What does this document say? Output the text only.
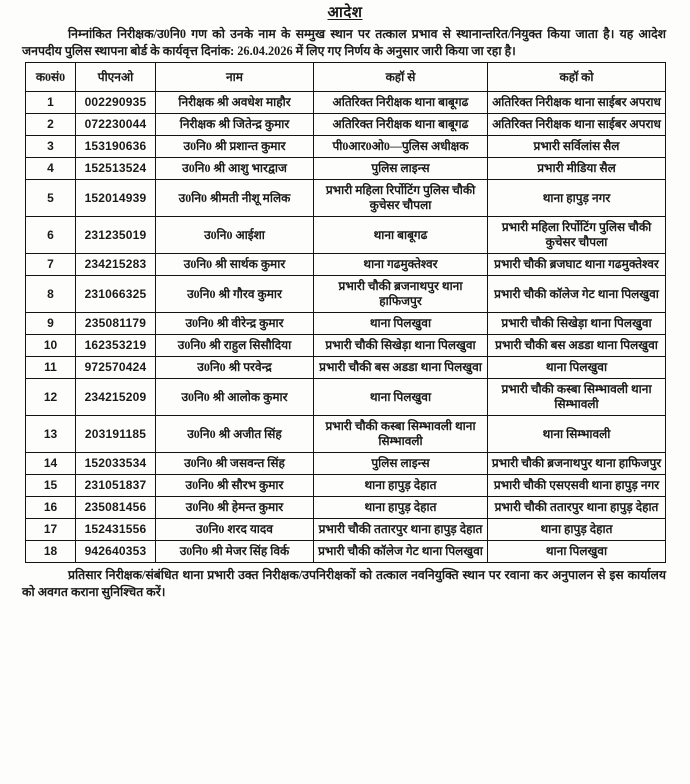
आदेश
निम्नांकित निरीक्षक/उ0नि0 गण को उनके नाम के सम्मुख स्थान पर तत्काल प्रभाव से स्थानान्तरित/नियुक्त किया जाता है। यह आदेश जनपदीय पुलिस स्थापना बोर्ड के कार्यवृत्त दिनांक: 26.04.2026 में लिए गए निर्णय के अनुसार जारी किया जा रहा है।
क0सं0	पीएनओ	नाम	कहॉ से	कहॉ को
1	002290935	निरीक्षक श्री अवधेश माहौर	अतिरिक्त निरीक्षक थाना बाबूगढ	अतिरिक्त निरीक्षक थाना साईबर अपराध
2	072230044	निरीक्षक श्री जितेन्द्र कुमार	अतिरिक्त निरीक्षक थाना बाबूगढ	अतिरिक्त निरीक्षक थाना साईबर अपराध
3	153190636	उ0नि0 श्री प्रशान्त कुमार	पी0आर0ओ0—पुलिस अधीक्षक	प्रभारी सर्विलांस सैल
4	152513524	उ0नि0 श्री आशु भारद्वाज	पुलिस लाइन्स	प्रभारी मीडिया सैल
5	152014939	उ0नि0 श्रीमती नीशू मलिक	प्रभारी महिला रिर्पोटिंग पुलिस चौकी कुचेसर चौपला	थाना हापुड़ नगर
6	231235019	उ0नि0 आईशा	थाना बाबूगढ	प्रभारी महिला रिर्पोटिंग पुलिस चौकी कुचेसर चौपला
7	234215283	उ0नि0 श्री सार्थक कुमार	थाना गढमुक्तेश्वर	प्रभारी चौकी ब्रजघाट थाना गढमुक्तेश्वर
8	231066325	उ0नि0 श्री गौरव कुमार	प्रभारी चौकी ब्रजनाथपुर थाना हाफिजपुर	प्रभारी चौकी कॉलेज गेट थाना पिलखुवा
9	235081179	उ0नि0 श्री वीरेन्द्र कुमार	थाना पिलखुवा	प्रभारी चौकी सिखेड़ा थाना पिलखुवा
10	162353219	उ0नि0 श्री राहुल सिसौदिया	प्रभारी चौकी सिखेड़ा थाना पिलखुवा	प्रभारी चौकी बस अडडा थाना पिलखुवा
11	972570424	उ0नि0 श्री परवेन्द्र	प्रभारी चौकी बस अडडा थाना पिलखुवा	थाना पिलखुवा
12	234215209	उ0नि0 श्री आलोक कुमार	थाना पिलखुवा	प्रभारी चौकी कस्बा सिम्भावली थाना सिम्भावली
13	203191185	उ0नि0 श्री अजीत सिंह	प्रभारी चौकी कस्बा सिम्भावली थाना सिम्भावली	थाना सिम्भावली
14	152033534	उ0नि0 श्री जसवन्त सिंह	पुलिस लाइन्स	प्रभारी चौकी ब्रजनाथपुर थाना हाफिजपुर
15	231051837	उ0नि0 श्री सौरभ कुमार	थाना हापुड़ देहात	प्रभारी चौकी एसएसवी थाना हापुड़ नगर
16	235081456	उ0नि0 श्री हेमन्त कुमार	थाना हापुड़ देहात	प्रभारी चौकी ततारपुर थाना हापुड़ देहात
17	152431556	उ0नि0 शरद यादव	प्रभारी चौकी ततारपुर थाना हापुड़ देहात	थाना हापुड़ देहात
18	942640353	उ0नि0 श्री मेजर सिंह विर्क	प्रभारी चौकी कॉलेज गेट थाना पिलखुवा	थाना पिलखुवा
प्रतिसार निरीक्षक/संबंधित थाना प्रभारी उक्त निरीक्षक/उपनिरीक्षकों को तत्काल नवनियुक्ति स्थान पर रवाना कर अनुपालन से इस कार्यालय को अवगत कराना सुनिश्चित करें।
